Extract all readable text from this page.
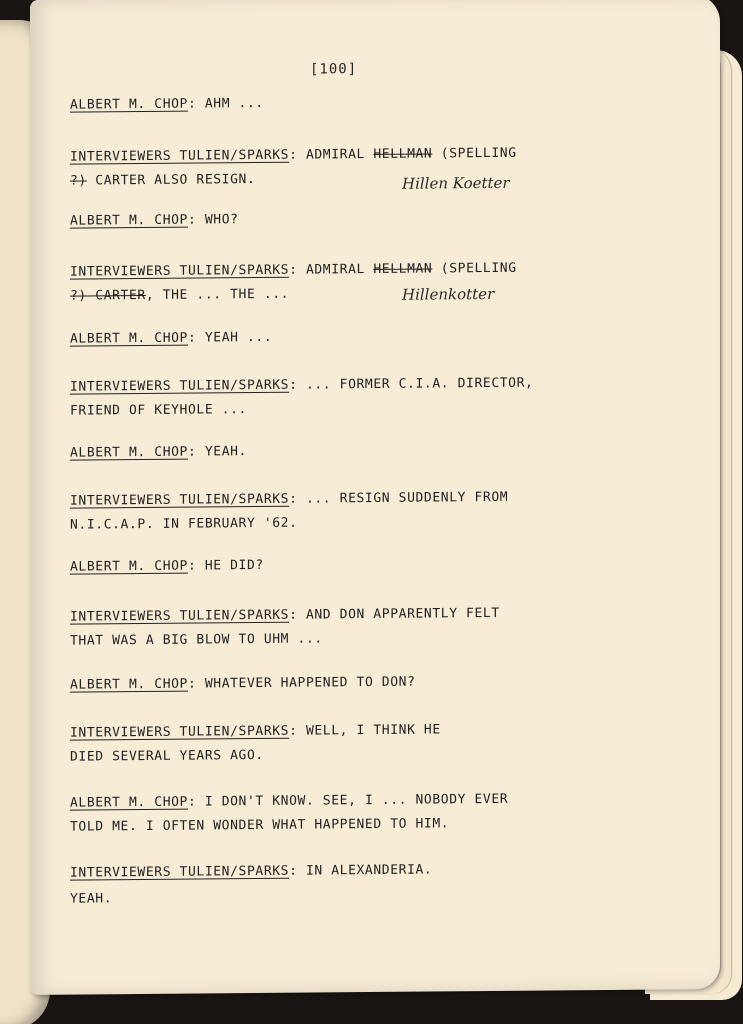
[100]
ALBERT M. CHOP: AHM ...
INTERVIEWERS TULIEN/SPARKS: ADMIRAL HELLMAN (SPELLING
?) CARTER ALSO RESIGN.	Hillen Koetter
ALBERT M. CHOP: WHO?
INTERVIEWERS TULIEN/SPARKS: ADMIRAL HELLMAN (SPELLING
?) CARTER, THE ... THE ...	Hillenkotter
ALBERT M. CHOP: YEAH ...
INTERVIEWERS TULIEN/SPARKS: ... FORMER C.I.A. DIRECTOR,
FRIEND OF KEYHOLE ...
ALBERT M. CHOP: YEAH.
INTERVIEWERS TULIEN/SPARKS: ... RESIGN SUDDENLY FROM
N.I.C.A.P. IN FEBRUARY '62.
ALBERT M. CHOP: HE DID?
INTERVIEWERS TULIEN/SPARKS: AND DON APPARENTLY FELT
THAT WAS A BIG BLOW TO UHM ...
ALBERT M. CHOP: WHATEVER HAPPENED TO DON?
INTERVIEWERS TULIEN/SPARKS: WELL, I THINK HE
DIED SEVERAL YEARS AGO.
ALBERT M. CHOP: I DON'T KNOW. SEE, I ... NOBODY EVER
TOLD ME. I OFTEN WONDER WHAT HAPPENED TO HIM.
INTERVIEWERS TULIEN/SPARKS: IN ALEXANDERIA.
YEAH.
